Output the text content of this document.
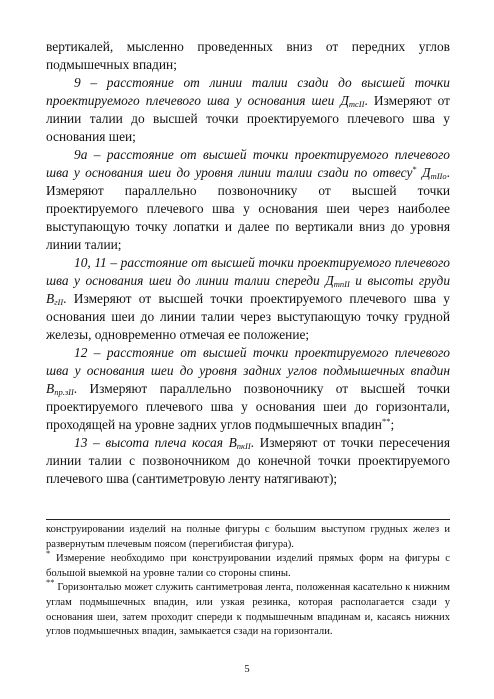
вертикалей, мысленно проведенных вниз от передних углов подмышечных впадин;

9 – расстояние от линии талии сзади до высшей точки проектируемого плечевого шва у основания шеи $Д_{тсII}$. Измеряют от линии талии до высшей точки проектируемого плечевого шва у основания шеи;

9а – расстояние от высшей точки проектируемого плечевого шва у основания шеи до уровня линии талии сзади по отвесу* $Д_{тIIо}$. Измеряют параллельно позвоночнику от высшей точки проектируемого плечевого шва у основания шеи через наиболее выступающую точку лопатки и далее по вертикали вниз до уровня линии талии;

10, 11 – расстояние от высшей точки проектируемого плечевого шва у основания шеи до линии талии спереди $Д_{тпII}$ и высоты груди $В_{гII}$. Измеряют от высшей точки проектируемого плечевого шва у основания шеи до линии талии через выступающую точку грудной железы, одновременно отмечая ее положение;

12 – расстояние от высшей точки проектируемого плечевого шва у основания шеи до уровня задних углов подмышечных впадин $В_{пр.зII}$. Измеряют параллельно позвоночнику от высшей точки проектируемого плечевого шва у основания шеи до горизонтали, проходящей на уровне задних углов подмышечных впадин**;

13 – высота плеча косая $В_{пкII}$. Измеряют от точки пересечения линии талии с позвоночником до конечной точки проектируемого плечевого шва (сантиметровую ленту натягивают);

конструировании изделий на полные фигуры с большим выступом грудных желез и развернутым плечевым поясом (перегибистая фигура).

* Измерение необходимо при конструировании изделий прямых форм на фигуры с большой выемкой на уровне талии со стороны спины.

** Горизонталью может служить сантиметровая лента, положенная касательно к нижним углам подмышечных впадин, или узкая резинка, которая располагается сзади у основания шеи, затем проходит спереди к подмышечным впадинам и, касаясь нижних углов подмышечных впадин, замыкается сзади на горизонтали.

5
